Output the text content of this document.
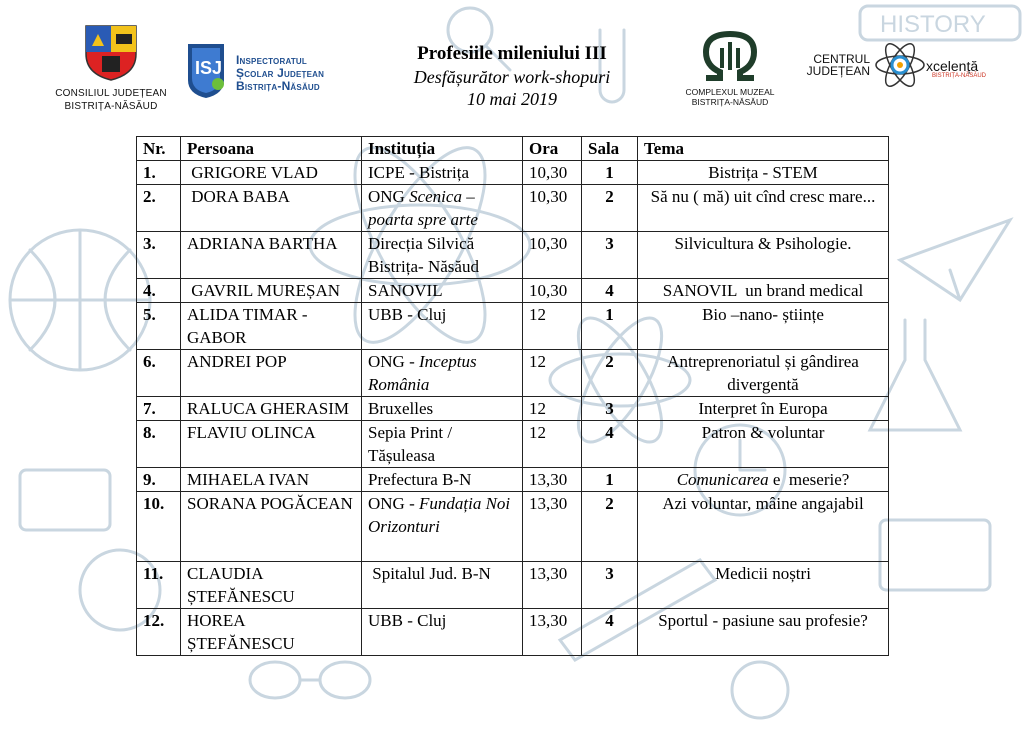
HISTORY
CONSILIUL JUDEȚEAN
BISTRIȚA-NĂSĂUD
ISJ Inspectoratul
Școlar Județean
Bistrița-Năsăud
Profesiile mileniului III
Desfășurător work-shopuri
10 mai 2019	COMPLEXUL MUZEAL
BISTRIȚA-NĂSĂUD
CENTRUL
JUDEȚEAN	xcelență
BISTRIȚA-NĂSĂUD
Nr.	Persoana	Instituția	Ora	Sala	Tema
1.	GRIGORE VLAD	ICPE - Bistrița	10,30	1	Bistrița - STEM
2.	DORA BABA	ONG Scenica – poarta spre arte	10,30	2	Să nu ( mă) uit cînd cresc mare...
3.	ADRIANA BARTHA	Direcția Silvică Bistrița- Năsăud	10,30	3	Silvicultura & Psihologie.
4.	GAVRIL MUREȘAN	SANOVIL	10,30	4	SANOVIL  un brand medical
5.	ALIDA TIMAR - GABOR	UBB - Cluj	12	1	Bio –nano- științe
6.	ANDREI POP	ONG - Inceptus România	12	2	Antreprenoriatul și gândirea divergentă
7.	RALUCA GHERASIM	Bruxelles	12	3	Interpret în Europa
8.	FLAVIU OLINCA	Sepia Print / Tășuleasa	12	4	Patron & voluntar
9.	MIHAELA IVAN	Prefectura B-N	13,30	1	Comunicarea e  meserie?
10.	SORANA POGĂCEAN	ONG - Fundația Noi Orizonturi	13,30	2	Azi voluntar, mâine angajabil
11.	CLAUDIA ȘTEFĂNESCU	Spitalul Jud. B-N	13,30	3	Medicii noștri
12.	HOREA ȘTEFĂNESCU	UBB - Cluj	13,30	4	Sportul - pasiune sau profesie?
